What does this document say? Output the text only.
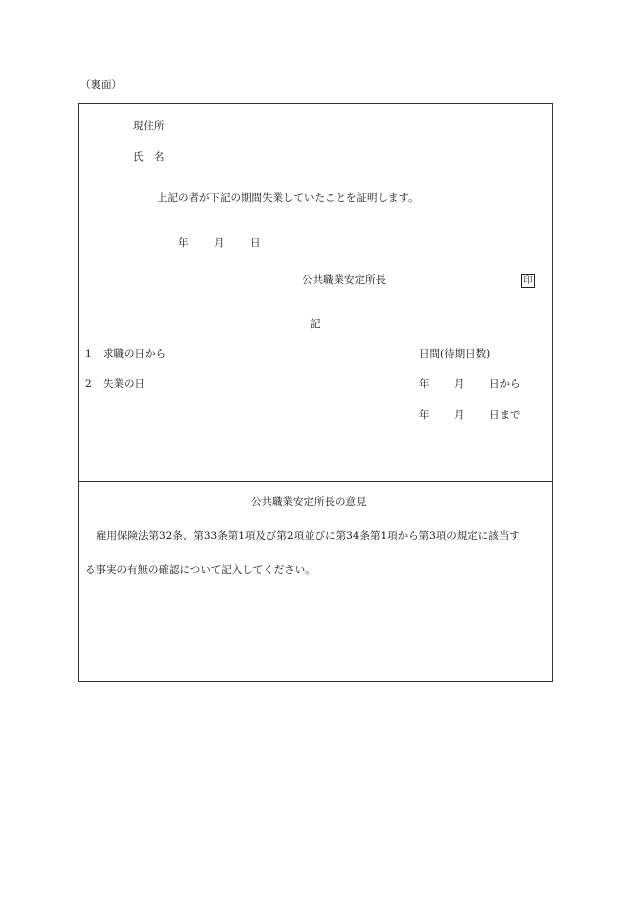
（裏面）
現住所
氏　名
上記の者が下記の期間失業していたことを証明します。
年 月 日
公共職業安定所長	印
記
1 求職の日から	日間(待期日数)
2 失業の日	年 月 日から
年 月 日まで
公共職業安定所長の意見
雇用保険法第32条、第33条第1項及び第2項並びに第34条第1項から第3項の規定に該当す
る事実の有無の確認について記入してください。
